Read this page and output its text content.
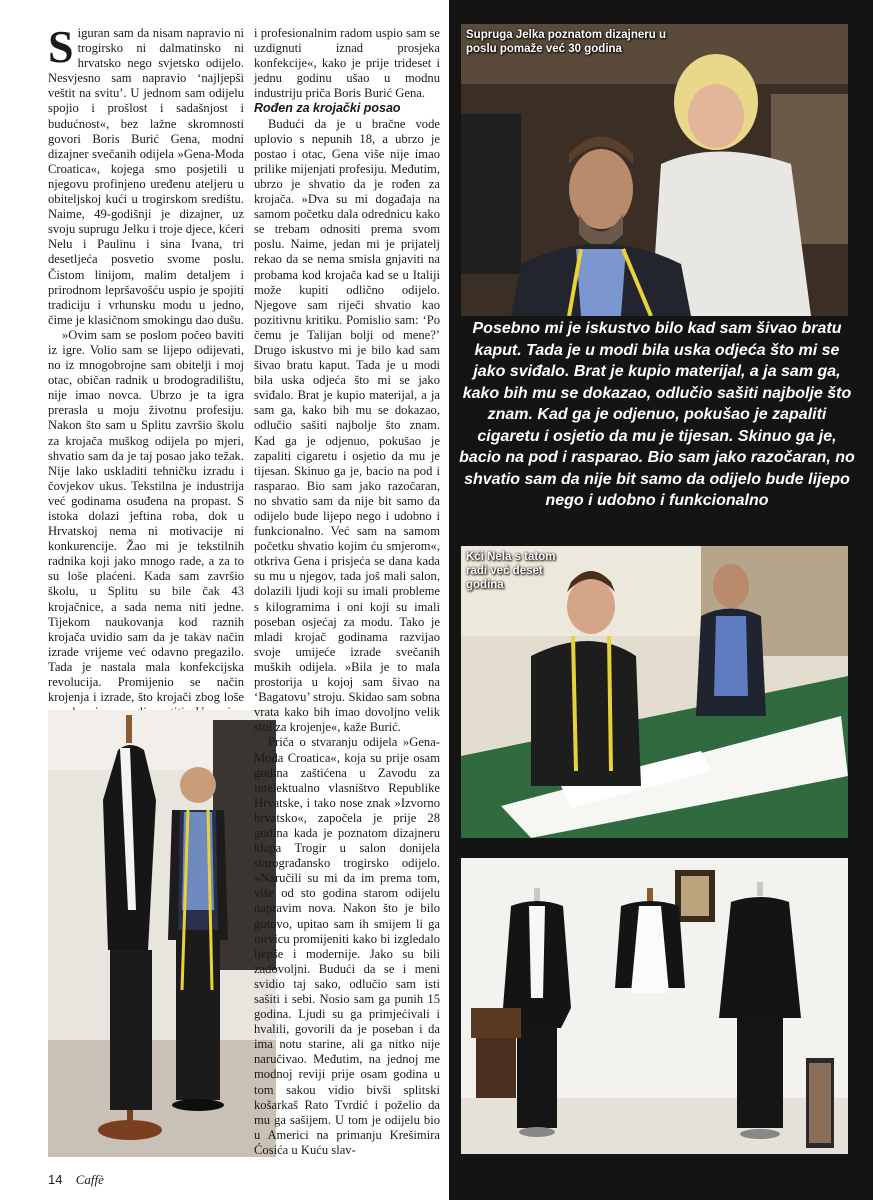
S iguran sam da nisam napravio ni trogirsko ni dalmatinsko ni hrvatsko nego svjetsko odijelo. Nesvjesno sam napravio ‘najljepši veštit na svitu’. U jednom sam odijelu spojio i prošlost i sadašnjost i budućnost«, bez lažne skromnosti govori Boris Burić Gena, modni dizajner svečanih odijela »Gena-Moda Croatica«, kojega smo posjetili u njegovu profinjeno uređenu ateljeru u obiteljskoj kući u trogirskom središtu. Naime, 49-godišnji je dizajner, uz svoju suprugu Jelku i troje djece, kćeri Nelu i Paulinu i sina Ivana, tri desetljeća posvetio svome poslu. Čistom linijom, malim detaljem i prirodnom lepršavošću uspio je spojiti tradiciju i vrhunsku modu u jedno, čime je klasičnom smokingu dao dušu.

»Ovim sam se poslom počeo baviti iz igre. Volio sam se lijepo odijevati, no iz mnogobrojne sam obitelji i moj otac, običan radnik u brodogradilištu, nije imao novca. Ubrzo je ta igra prerasla u moju životnu profesiju. Nakon što sam u Splitu završio školu za krojača muškog odijela po mjeri, shvatio sam da je taj posao jako težak. Nije lako uskladiti tehničku izradu i čovjekov ukus. Tekstilna je industrija već godinama osuđena na propast. S istoka dolazi jeftina roba, dok u Hrvatskoj nema ni motivacije ni konkurencije. Žao mi je tekstilnih radnika koji jako mnogo rade, a za to su loše plaćeni. Kada sam završio školu, u Splitu su bile čak 43 krojačnice, a sada nema niti jedne. Tijekom naukovanja kod raznih krojača uvidio sam da je takav način izrade vrijeme već odavno pregazilo. Tada je nastala mala konfekcijska revolucija. Promijenio se način krojenja i izrade, što krojači zbog loše

i profesionalnim radom uspio sam se uzdignuti iznad prosjeka konfekcije«, kako je prije trideset i jednu godinu ušao u modnu industriju priča Boris Burić Gena.

Rođen za krojački posao

Budući da je u bračne vode uplovio s nepunih 18, a ubrzo je postao i otac, Gena više nije imao prilike mijenjati profesiju. Međutim, ubrzo je shvatio da je rođen za krojača. »Dva su mi događaja na samom početku dala odrednicu kako se trebam odnositi prema svom poslu. Naime, jedan mi je prijatelj rekao da se nema smisla gnjaviti na probama kod krojača kad se u Italiji može kupiti odlično odijelo. Njegove sam riječi shvatio kao pozitivnu kritiku. Pomislio sam: ‘Po čemu je Talijan bolji od mene?’ Drugo iskustvo mi je bilo kad sam šivao bratu kaput. Tada je u modi bila uska odjeća što mi se jako sviđalo. Brat je kupio materijal, a ja sam ga, kako bih mu se dokazao, odlučio sašiti najbolje što znam. Kad ga je odjenuo, pokušao je zapaliti cigaretu i osjetio da mu je tijesan. Skinuo ga je, bacio na pod i rasparao. Bio sam jako razočaran, no shvatio sam da nije bit samo da odijelo bude lijepo nego i udobno i funkcionalno. Već sam na samom početku shvatio kojim ću smjerom«, otkriva Gena i prisjeća se dana kada su mu u njegov, tada još mali salon, dolazili ljudi koji su imali probleme s kilogramima i oni koji su imali poseban osjećaj za modu. Tako je mladi krojač godinama razvijao svoje umijeće izrade svečanih muških odijela. »Bila je to mala prostorija u kojoj sam šivao na ‘Bagatovu’ stroju. Skidao sam sobna vrata kako bih imao dovoljno velik stol za krojenje«, kaže Burić.

Priča o stvaranju odijela »Gena-Moda Croatica«, koja su prije osam godina zaštićena u Zavodu za intelektualno vlasništvo Republike Hrvatske, i tako nose znak »Izvorno hrvatsko«, započela je prije 28 godina kada je poznatom dizajneru klapa Trogir u salon donijela starogrаđansko trogirsko odijelo. »Naručili su mi da im prema tom, više od sto godina starom odijelu napravim nova. Nakon što je bilo gotovo, upitao sam ih smijem li ga mrvicu promijeniti kako bi izgledalo ljepše i modernije. Jako su bili zadovoljni. Budući da se i meni svidio taj sako, odlučio sam isti sašiti i sebi. Nosio sam ga punih 15 godina. Ljudi su ga primjećivali i hvalili, govorili da je poseban i da ima notu starine, ali ga nitko nije naručivao. Međutim, na jednoj me modnoj reviji prije osam godina u tom sakou vidio bivši splitski košarkaš Rato Tvrdić i poželio da mu ga sašijem. U tom je odijelu bio u Americi na primanju Krešimira Ćosića u Kuću slav-

Supruga Jelka poznatom dizajneru u poslu pomaže već 30 godina
Posebno mi je iskustvo bilo kad sam šivao bratu kaput. Tada je u modi bila uska odjeća što mi se jako sviđalo. Brat je kupio materijal, a ja sam ga, kako bih mu se dokazao, odlučio sašiti najbolje što znam. Kad ga je odjenuo, pokušao je zapaliti cigaretu i osjetio da mu je tijesan. Skinuo ga je, bacio na pod i rasparao. Bio sam jako razočaran, no shvatio sam da nije bit samo da odijelo bude lijepo nego i udobno i funkcionalno
Kći Nela s tatom radi već deset godina
14 Caffè
